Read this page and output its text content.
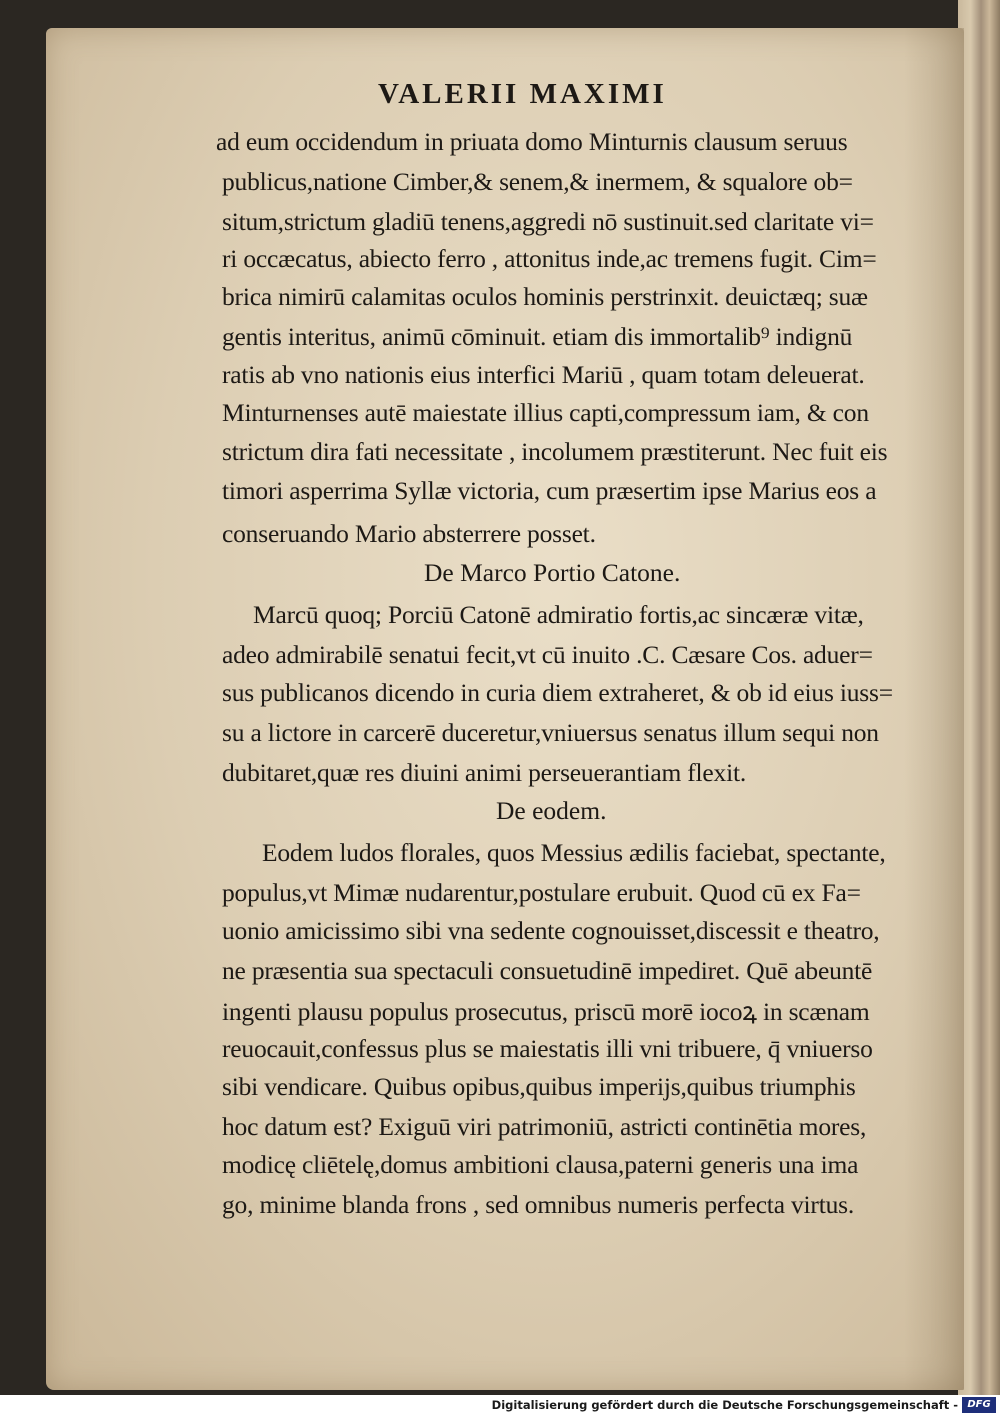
VALERII MAXIMI
ad eum occidendum in priuata domo Minturnis clausum seruus
publicus,natione Cimber,& senem,& inermem, & squalore ob=
situm,strictum gladiū tenens,aggredi nō sustinuit.sed claritate vi=
ri occæcatus, abiecto ferro , attonitus inde,ac tremens fugit. Cim=
brica nimirū calamitas oculos hominis perstrinxit. deuictæq; suæ
gentis interitus, animū cōminuit. etiam dis immortalib⁹ indignū
ratis ab vno nationis eius interfici Mariū , quam totam deleuerat.
Minturnenses autē maiestate illius capti,compressum iam, & con
strictum dira fati necessitate , incolumem præstiterunt. Nec fuit eis
timori asperrima Syllæ victoria, cum præsertim ipse Marius eos a
conseruando Mario absterrere posset.
De Marco Portio Catone.
Marcū quoq; Porciū Catonē admiratio fortis,ac sincæræ vitæ,
adeo admirabilē senatui fecit,vt cū inuito .C. Cæsare Cos. aduer=
sus publicanos dicendo in curia diem extraheret, & ob id eius iuss=
su a lictore in carcerē duceretur,vniuersus senatus illum sequi non
dubitaret,quæ res diuini animi perseuerantiam flexit.
De eodem.
Eodem ludos florales, quos Messius ædilis faciebat, spectante,
populus,vt Mimæ nudarentur,postulare erubuit. Quod cū ex Fa=
uonio amicissimo sibi vna sedente cognouisset,discessit e theatro,
ne præsentia sua spectaculi consuetudinē impediret. Quē abeuntē
ingenti plausu populus prosecutus, priscū morē iocoꝝ in scænam
reuocauit,confessus plus se maiestatis illi vni tribuere, q̄ vniuerso
sibi vendicare. Quibus opibus,quibus imperijs,quibus triumphis
hoc datum est? Exiguū viri patrimoniū, astricti continētia mores,
modicę cliētelę,domus ambitioni clausa,paterni generis una ima
go, minime blanda frons , sed omnibus numeris perfecta virtus.
Digitalisierung gefördert durch die Deutsche Forschungsgemeinschaft - DFG
